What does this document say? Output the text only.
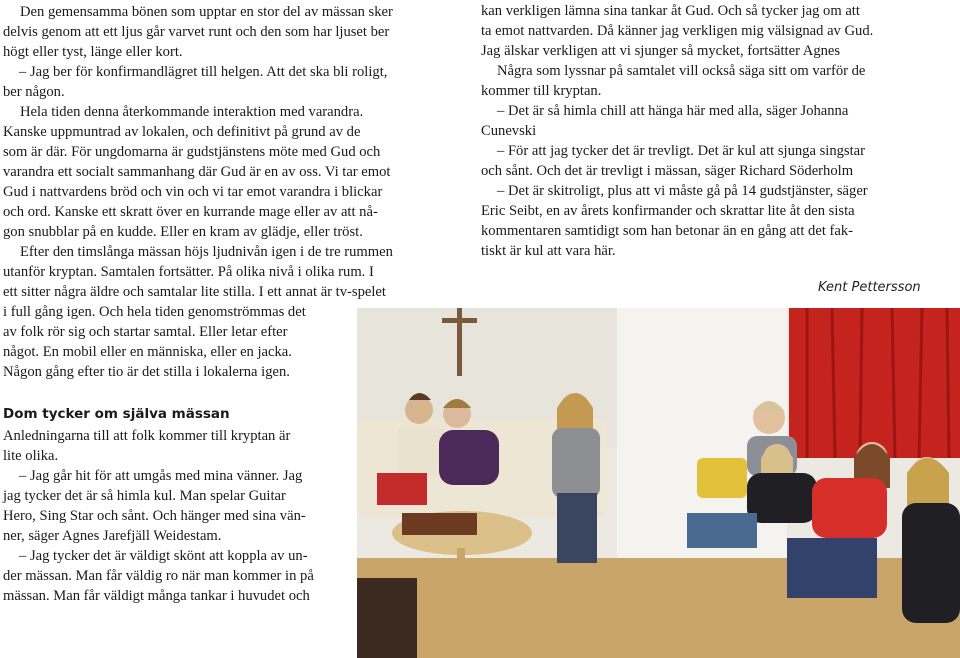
Den gemensamma bönen som upptar en stor del av mässan sker
delvis genom att ett ljus går varvet runt och den som har ljuset ber
högt eller tyst, länge eller kort.
– Jag ber för konfirmandlägret till helgen. Att det ska bli roligt,
ber någon.
Hela tiden denna återkommande interaktion med varandra.
Kanske uppmuntrad av lokalen, och definitivt på grund av de
som är där. För ungdomarna är gudstjänstens möte med Gud och
varandra ett socialt sammanhang där Gud är en av oss. Vi tar emot
Gud i nattvardens bröd och vin och vi tar emot varandra i blickar
och ord. Kanske ett skratt över en kurrande mage eller av att nå-
gon snubblar på en kudde. Eller en kram av glädje, eller tröst.
Efter den timslånga mässan höjs ljudnivån igen i de tre rummen
utanför kryptan. Samtalen fortsätter. På olika nivå i olika rum. I
ett sitter några äldre och samtalar lite stilla. I ett annat är tv-spelet
i full gång igen. Och hela tiden genomströmmas det
av folk rör sig och startar samtal. Eller letar efter
något. En mobil eller en människa, eller en jacka.
Någon gång efter tio är det stilla i lokalerna igen.
Dom tycker om själva mässan
Anledningarna till att folk kommer till kryptan är
lite olika.
– Jag går hit för att umgås med mina vänner. Jag
jag tycker det är så himla kul. Man spelar Guitar
Hero, Sing Star och sånt. Och hänger med sina vän-
ner, säger Agnes Jarefjäll Weidestam.
– Jag tycker det är väldigt skönt att koppla av un-
der mässan. Man får väldig ro när man kommer in på
mässan. Man får väldigt många tankar i huvudet och
kan verkligen lämna sina tankar åt Gud. Och så tycker jag om att
ta emot nattvarden. Då känner jag verkligen mig välsignad av Gud.
Jag älskar verkligen att vi sjunger så mycket, fortsätter Agnes
Några som lyssnar på samtalet vill också säga sitt om varför de
kommer till kryptan.
– Det är så himla chill att hänga här med alla, säger Johanna
Cunevski
– För att jag tycker det är trevligt. Det är kul att sjunga singstar
och sånt. Och det är trevligt i mässan, säger Richard Söderholm
– Det är skitroligt, plus att vi måste gå på 14 gudstjänster, säger
Eric Seibt, en av årets konfirmander och skrattar lite åt den sista
kommentaren samtidigt som han betonar än en gång att det fak-
tiskt är kul att vara här.
Kent Pettersson
